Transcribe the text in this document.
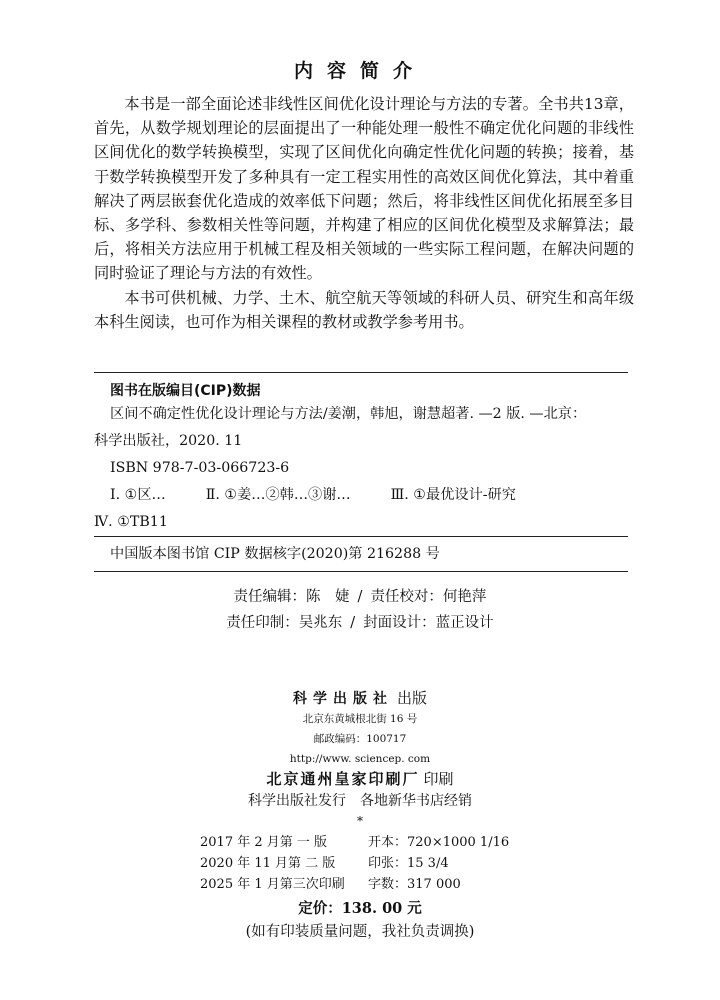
内容简介

本书是一部全面论述非线性区间优化设计理论与方法的专著。全书共13章，首先，从数学规划理论的层面提出了一种能处理一般性不确定优化问题的非线性区间优化的数学转换模型，实现了区间优化向确定性优化问题的转换；接着，基于数学转换模型开发了多种具有一定工程实用性的高效区间优化算法，其中着重解决了两层嵌套优化造成的效率低下问题；然后，将非线性区间优化拓展至多目标、多学科、参数相关性等问题，并构建了相应的区间优化模型及求解算法；最后，将相关方法应用于机械工程及相关领域的一些实际工程问题，在解决问题的同时验证了理论与方法的有效性。

本书可供机械、力学、土木、航空航天等领域的科研人员、研究生和高年级本科生阅读，也可作为相关课程的教材或教学参考用书。

图书在版编目(CIP)数据
区间不确定性优化设计理论与方法/姜潮，韩旭，谢慧超著. —2 版. —北京：
科学出版社，2020. 11
ISBN 978-7-03-066723-6
Ⅰ. ①区…	Ⅱ. ①姜…②韩…③谢…	Ⅲ. ①最优设计-研究
Ⅳ. ①TB11
中国版本图书馆 CIP 数据核字(2020)第 216288 号
责任编辑：陈　婕 / 责任校对：何艳萍
责任印制：吴兆东 / 封面设计：蓝正设计
科学出版社 出版
北京东黄城根北街 16 号
邮政编码：100717
http://www. sciencep. com
北京通州皇家印刷厂 印刷
科学出版社发行　各地新华书店经销
*
2017 年 2 月第 一 版	开本：720×1000 1/16
2020 年 11 月第 二 版	印张：15 3/4
2025 年 1 月第三次印刷	字数：317 000
定价：138. 00 元
(如有印装质量问题，我社负责调换)
